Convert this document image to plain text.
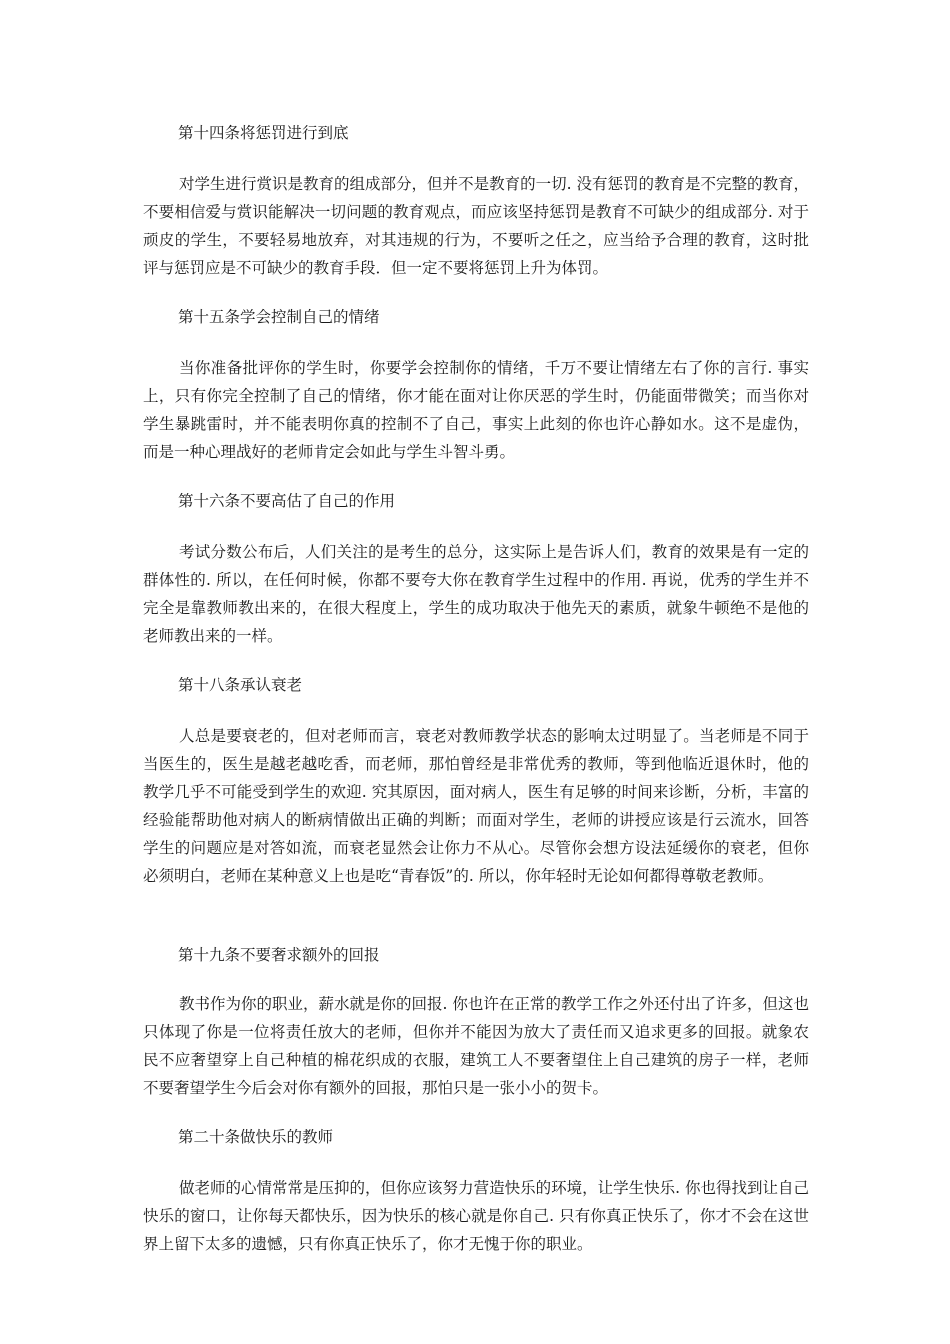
第十四条将惩罚进行到底

对学生进行赏识是教育的组成部分，但并不是教育的一切. 没有惩罚的教育是不完整的教育，不要相信爱与赏识能解决一切问题的教育观点，而应该坚持惩罚是教育不可缺少的组成部分. 对于顽皮的学生，不要轻易地放弃，对其违规的行为，不要听之任之，应当给予合理的教育，这时批评与惩罚应是不可缺少的教育手段．但一定不要将惩罚上升为体罚。

第十五条学会控制自己的情绪

当你准备批评你的学生时，你要学会控制你的情绪，千万不要让情绪左右了你的言行. 事实上，只有你完全控制了自己的情绪，你才能在面对让你厌恶的学生时，仍能面带微笑；而当你对学生暴跳雷时，并不能表明你真的控制不了自己，事实上此刻的你也许心静如水。这不是虚伪，而是一种心理战好的老师肯定会如此与学生斗智斗勇。

第十六条不要高估了自己的作用

考试分数公布后，人们关注的是考生的总分，这实际上是告诉人们，教育的效果是有一定的群体性的. 所以，在任何时候，你都不要夸大你在教育学生过程中的作用. 再说，优秀的学生并不完全是靠教师教出来的，在很大程度上，学生的成功取决于他先天的素质，就象牛顿绝不是他的老师教出来的一样。

第十八条承认衰老

人总是要衰老的，但对老师而言，衰老对教师教学状态的影响太过明显了。当老师是不同于当医生的，医生是越老越吃香，而老师，那怕曾经是非常优秀的教师，等到他临近退休时，他的教学几乎不可能受到学生的欢迎. 究其原因，面对病人，医生有足够的时间来诊断，分析，丰富的经验能帮助他对病人的断病情做出正确的判断；而面对学生，老师的讲授应该是行云流水，回答学生的问题应是对答如流，而衰老显然会让你力不从心。尽管你会想方设法延缓你的衰老，但你必须明白，老师在某种意义上也是吃“青春饭”的. 所以，你年轻时无论如何都得尊敬老教师。

第十九条不要奢求额外的回报

教书作为你的职业，薪水就是你的回报. 你也许在正常的教学工作之外还付出了许多，但这也只体现了你是一位将责任放大的老师，但你并不能因为放大了责任而又追求更多的回报。就象农民不应奢望穿上自己种植的棉花织成的衣服，建筑工人不要奢望住上自己建筑的房子一样，老师不要奢望学生今后会对你有额外的回报，那怕只是一张小小的贺卡。

第二十条做快乐的教师

做老师的心情常常是压抑的，但你应该努力营造快乐的环境，让学生快乐. 你也得找到让自己快乐的窗口，让你每天都快乐，因为快乐的核心就是你自己. 只有你真正快乐了，你才不会在这世界上留下太多的遗憾，只有你真正快乐了，你才无愧于你的职业。
